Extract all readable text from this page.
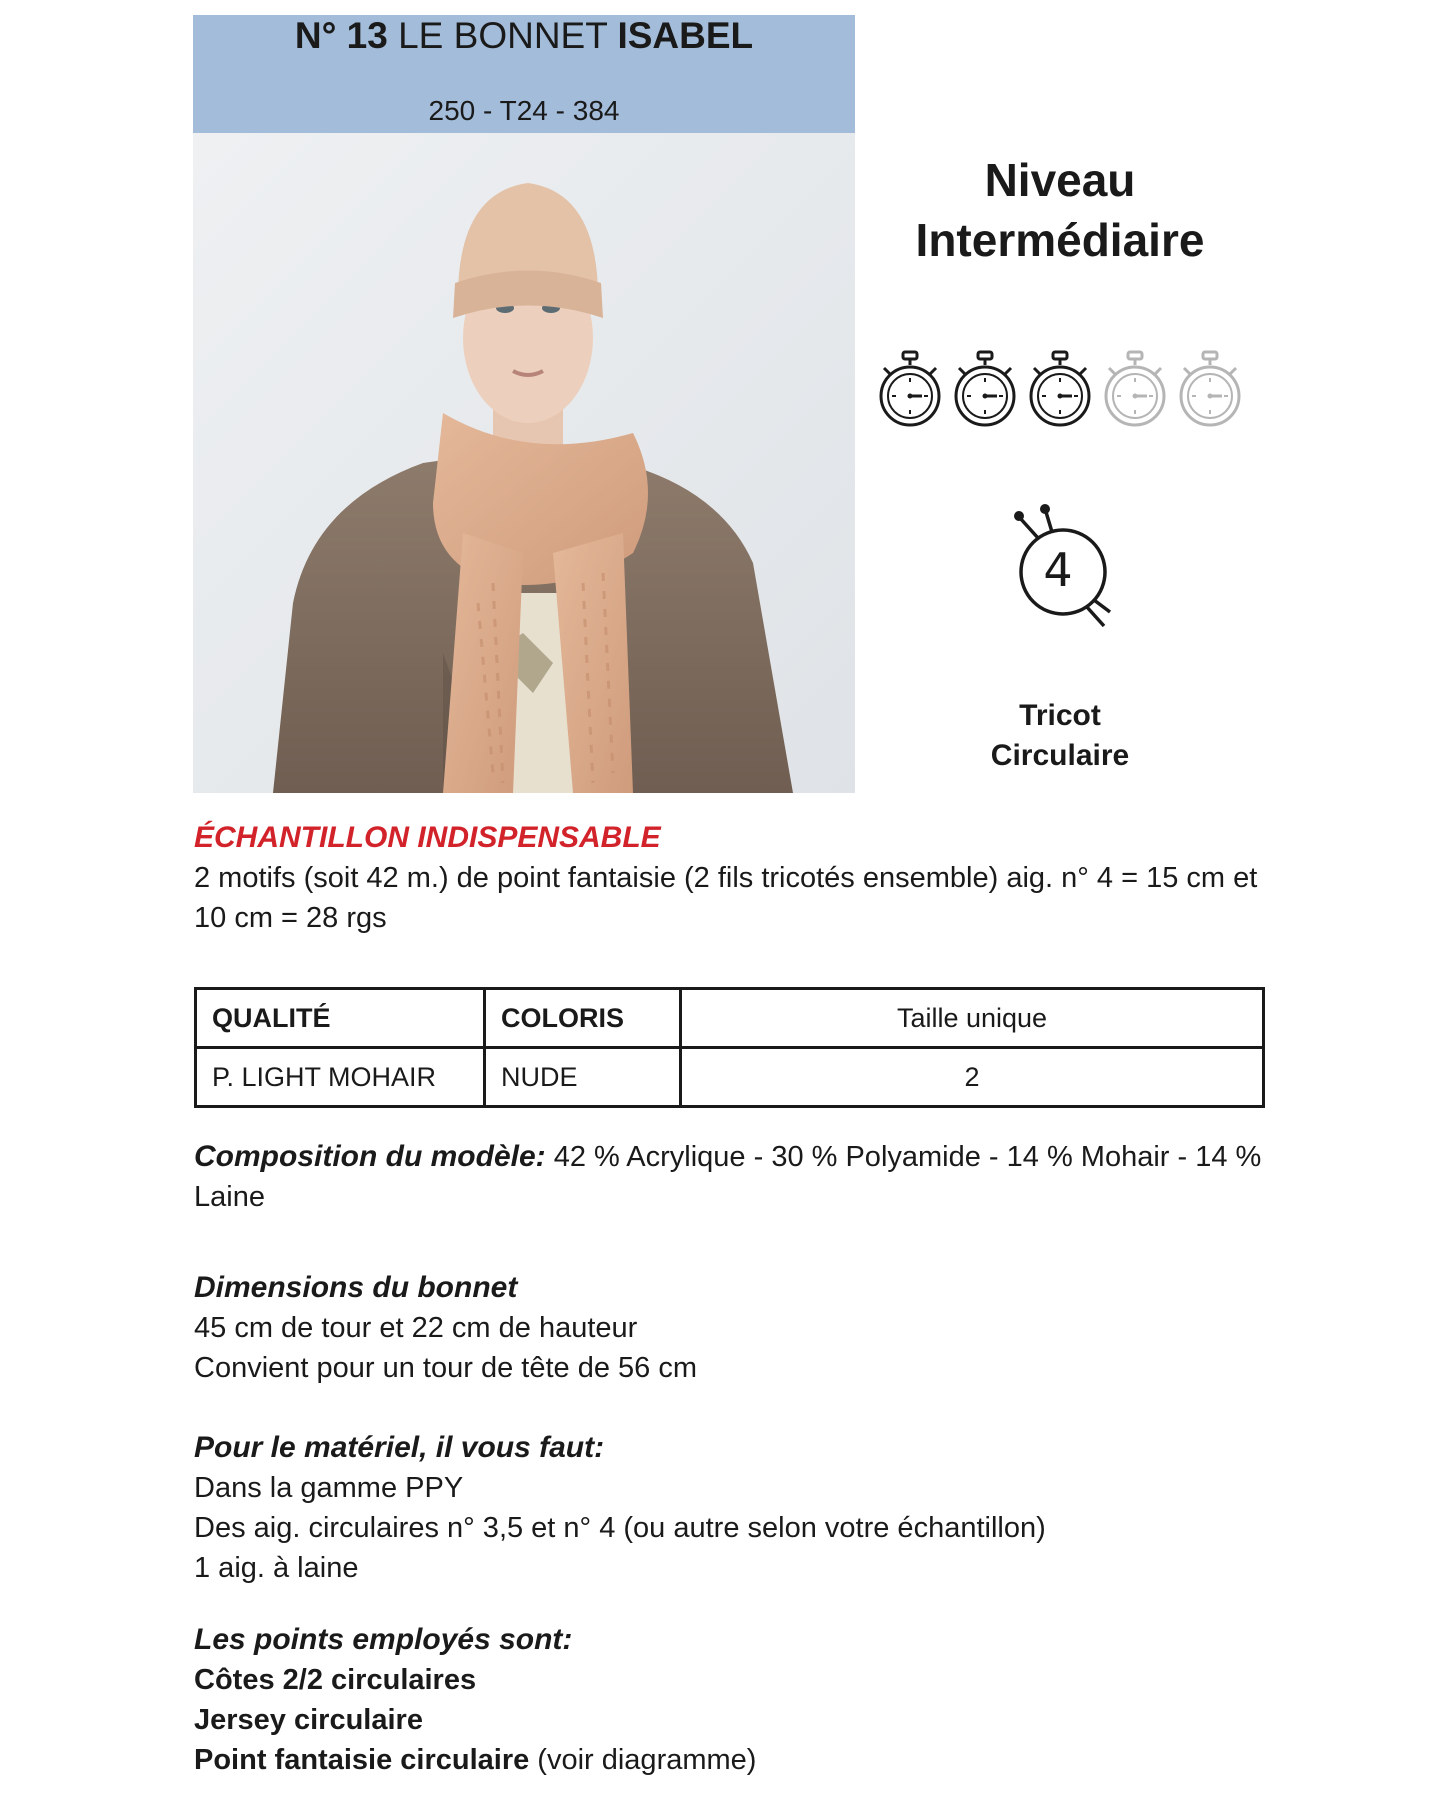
N° 13 LE BONNET ISABEL
250 - T24 - 384
Niveau
Intermédiaire
4
Tricot
Circulaire
ÉCHANTILLON INDISPENSABLE
2 motifs (soit 42 m.) de point fantaisie (2 fils tricotés ensemble) aig. n° 4 = 15 cm et 10 cm = 28 rgs
QUALITÉ	COLORIS	Taille unique
P. LIGHT MOHAIR	NUDE	2
Composition du modèle: 42 % Acrylique - 30 % Polyamide - 14 % Mohair - 14 % Laine
Dimensions du bonnet
45 cm de tour et 22 cm de hauteur
Convient pour un tour de tête de 56 cm
Pour le matériel, il vous faut:
Dans la gamme PPY
Des aig. circulaires n° 3,5 et n° 4 (ou autre selon votre échantillon)
1 aig. à laine
Les points employés sont:
Côtes 2/2 circulaires
Jersey circulaire
Point fantaisie circulaire (voir diagramme)
